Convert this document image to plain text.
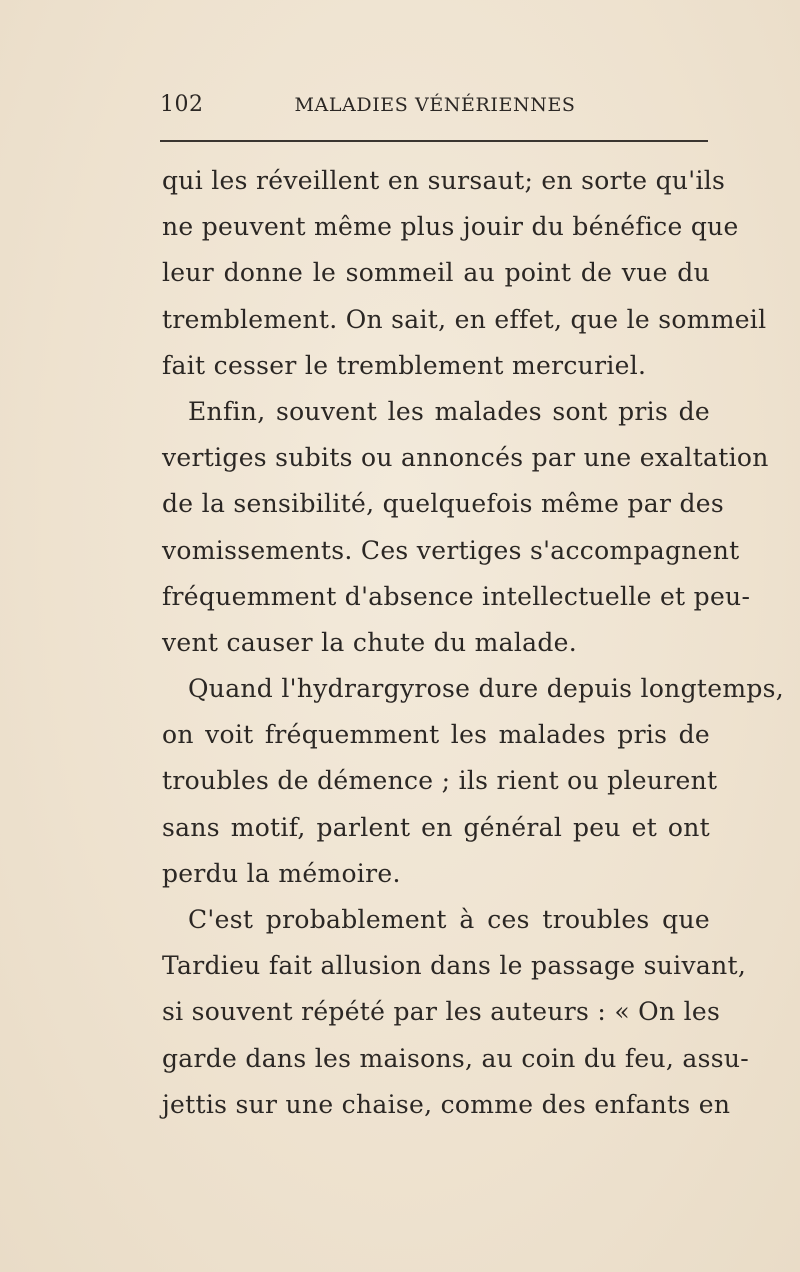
102	MALADIES VÉNÉRIENNES
qui les réveillent en sursaut; en sorte qu'ils
ne peuvent même plus jouir du bénéfice que
leur donne le sommeil au point de vue du
tremblement. On sait, en effet, que le sommeil
fait cesser le tremblement mercuriel.
Enfin, souvent les malades sont pris de
vertiges subits ou annoncés par une exaltation
de la sensibilité, quelquefois même par des
vomissements. Ces vertiges s'accompagnent
fréquemment d'absence intellectuelle et peu-
vent causer la chute du malade.
Quand l'hydrargyrose dure depuis longtemps,
on voit fréquemment les malades pris de
troubles de démence ; ils rient ou pleurent
sans motif, parlent en général peu et ont
perdu la mémoire.
C'est probablement à ces troubles que
Tardieu fait allusion dans le passage suivant,
si souvent répété par les auteurs : « On les
garde dans les maisons, au coin du feu, assu-
jettis sur une chaise, comme des enfants en
